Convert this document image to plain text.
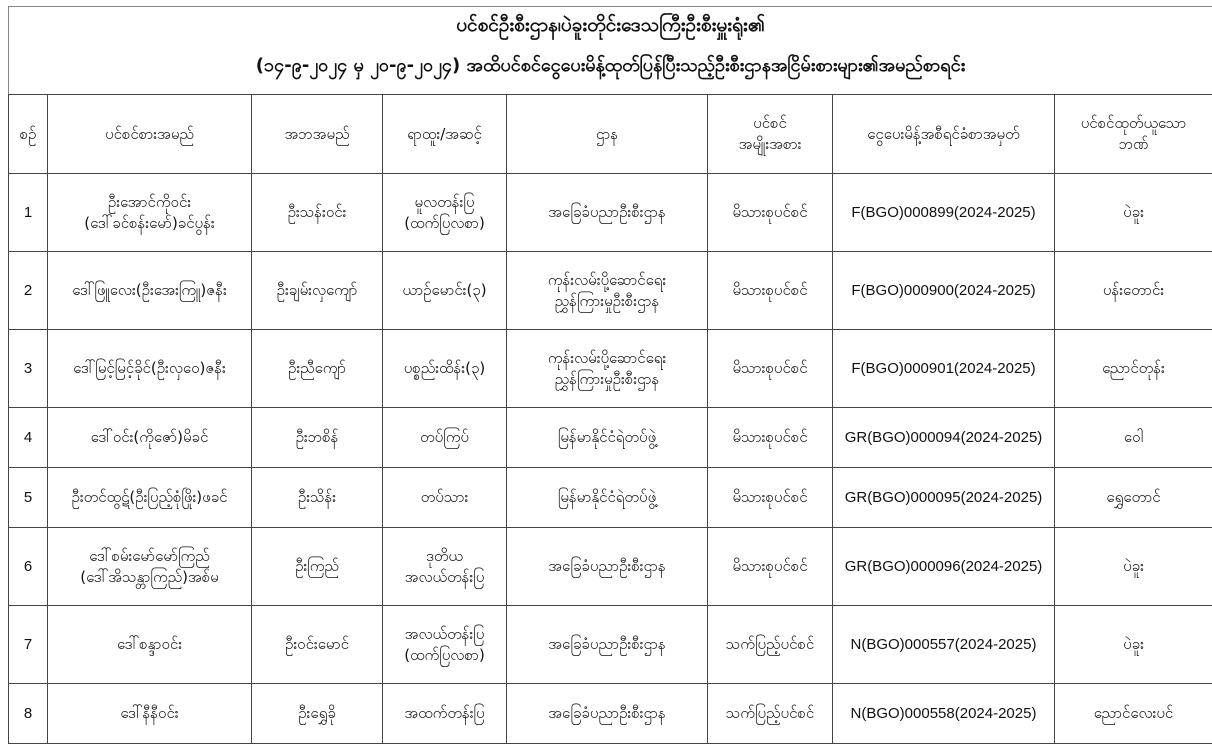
ပင်စင်ဦးစီးဌာန၊ပဲခူးတိုင်းဒေသကြီးဦးစီးမှူးရုံး၏
(၁၄-၉-၂၀၂၄ မှ ၂၀-၉-၂၀၂၄) အထိပင်စင်ငွေပေးမိန့်ထုတ်ပြန်ပြီးသည့်ဦးစီးဌာနအငြိမ်းစားများ၏အမည်စာရင်း
စဉ်	ပင်စင်စားအမည်	အဘအမည်	ရာထူး/အဆင့်	ဌာန	ပင်စင်
အမျိုးအစား	ငွေပေးမိန့်အစီရင်ခံစာအမှတ်	ပင်စင်ထုတ်ယူသော
ဘဏ်

1	ဦးအောင်ကိုဝင်း
(ဒေါ်ခင်စန်းမော်)ခင်ပွန်း	ဦးသန်းဝင်း	မူလတန်းပြ
(ထက်ပြလစာ)	အခြေခံပညာဦးစီးဌာန	မိသားစုပင်စင်	F(BGO)000899(2024-2025)	ပဲခူး

2	ဒေါ်ဖြူလေး(ဦးအေးကြူ)ဇနီး	ဦးချမ်းလှကျော်	ယာဉ်မောင်း(၃)	ကုန်းလမ်းပို့ဆောင်ရေး
ညွှန်ကြားမှုဦးစီးဌာန	မိသားစုပင်စင်	F(BGO)000900(2024-2025)	ပန်းတောင်း

3	ဒေါ်မြင့်မြင့်ခိုင်(ဦးလှဝေ)ဇနီး	ဦးညီကျော်	ပစ္စည်းထိန်း(၃)	ကုန်းလမ်းပို့ဆောင်ရေး
ညွှန်ကြားမှုဦးစီးဌာန	မိသားစုပင်စင်	F(BGO)000901(2024-2025)	ညောင်တုန်း

4	ဒေါ်ဝင်း(ကိုဇော်)မိခင်	ဦးဘစိန်	တပ်ကြပ်	မြန်မာနိုင်ငံရဲတပ်ဖွဲ့	မိသားစုပင်စင်	GR(BGO)000094(2024-2025)	ဝေါ

5	ဦးတင်ထွဋ်(ဦးပြည့်စုံဖြိုး)ဖခင်	ဦးသိန်း	တပ်သား	မြန်မာနိုင်ငံရဲတပ်ဖွဲ့	မိသားစုပင်စင်	GR(BGO)000095(2024-2025)	ရွှေတောင်

6	ဒေါ်စမ်းမော်မော်ကြည်
(ဒေါ်အိသန္တာကြည်)အစ်မ	ဦးကြည်	ဒုတိယ
အလယ်တန်းပြ	အခြေခံပညာဦးစီးဌာန	မိသားစုပင်စင်	GR(BGO)000096(2024-2025)	ပဲခူး

7	ဒေါ်စန္ဒာဝင်း	ဦးဝင်းမောင်	အလယ်တန်းပြ
(ထက်ပြလစာ)	အခြေခံပညာဦးစီးဌာန	သက်ပြည့်ပင်စင်	N(BGO)000557(2024-2025)	ပဲခူး

8	ဒေါ်နီနီဝင်း	ဦးရွှေခို	အထက်တန်းပြ	အခြေခံပညာဦးစီးဌာန	သက်ပြည့်ပင်စင်	N(BGO)000558(2024-2025)	ညောင်လေးပင်
